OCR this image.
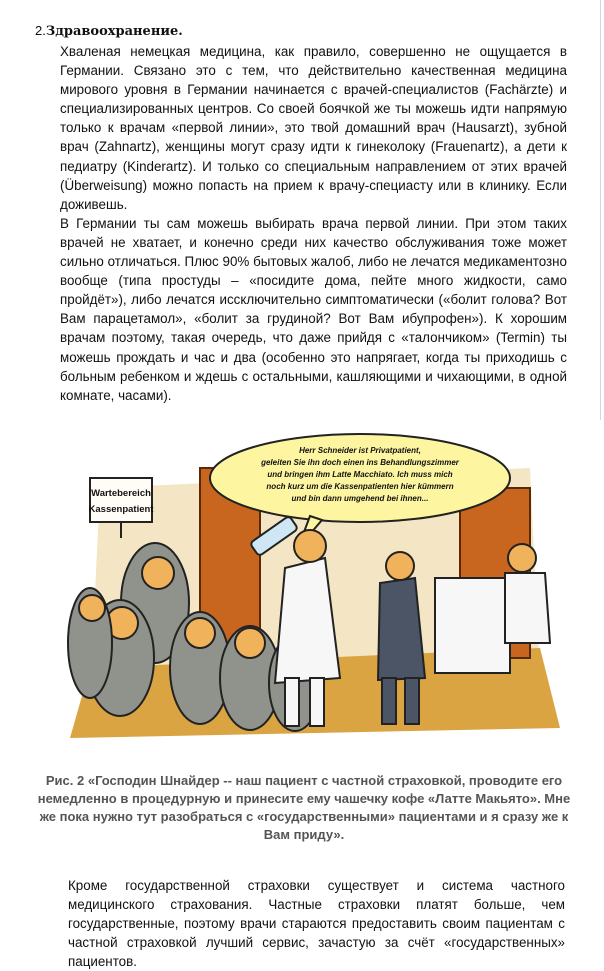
2.Здравоохранение.

Хваленая немецкая медицина, как правило, совершенно не ощущается в Германии. Связано это с тем, что действительно качественная медицина мирового уровня в Германии начинается с врачей-специалистов (Fachärzte) и специализированных центров. Со своей боячкой же ты можешь идти напрямую только к врачам «первой линии», это твой домашний врач (Hausarzt), зубной врач (Zahnartz), женщины могут сразу идти к гинеколоку (Frauenartz), а дети к педиатру (Kinderartz). И только со специальным направлением от этих врачей (Überweisung) можно попасть на прием к врачу-специасту или в клинику. Если доживешь.

В Германии ты сам можешь выбирать врача первой линии. При этом таких врачей не хватает, и конечно среди них качество обслуживания тоже может сильно отличаться. Плюс 90% бытовых жалоб, либо не лечатся медикаментозно вообще (типа простуды – «посидите дома, пейте много жидкости, само пройдёт»), либо лечатся иссключительно симптоматически («болит голова? Вот Вам парацетамол», «болит за грудиной? Вот Вам ибупрофен»). К хорошим врачам поэтому, такая очередь, что даже прийдя с «талончиком» (Termin) ты можешь прождать и час и два (особенно это напрягает, когда ты приходишь с больным ребенком и ждешь с остальными, кашляющими и чихающими, в одной комнате, часами).

Wartebereich
Kassenpatient
Herr Schneider ist Privatpatient,
geleiten Sie ihn doch einen ins Behandlungszimmer
und bringen ihm Latte Macchiato. Ich muss mich
noch kurz um die Kassenpatienten hier kümmern
und bin dann umgehend bei ihnen...
Рис. 2 «Господин Шнайдер -- наш пациент с частной страховкой, проводите его немедленно в процедурную и принесите ему чашечку кофе «Латте Макьято». Мне же пока нужно тут разобраться с «государственными» пациентами и я сразу же к Вам приду».
Кроме государственной страховки существует и система частного медицинского страхования. Частные страховки платят больше, чем государственные, поэтому врачи стараются предоставить своим пациентам с частной страховкой лучший сервис, зачастую за счёт «государственных» пациентов.
